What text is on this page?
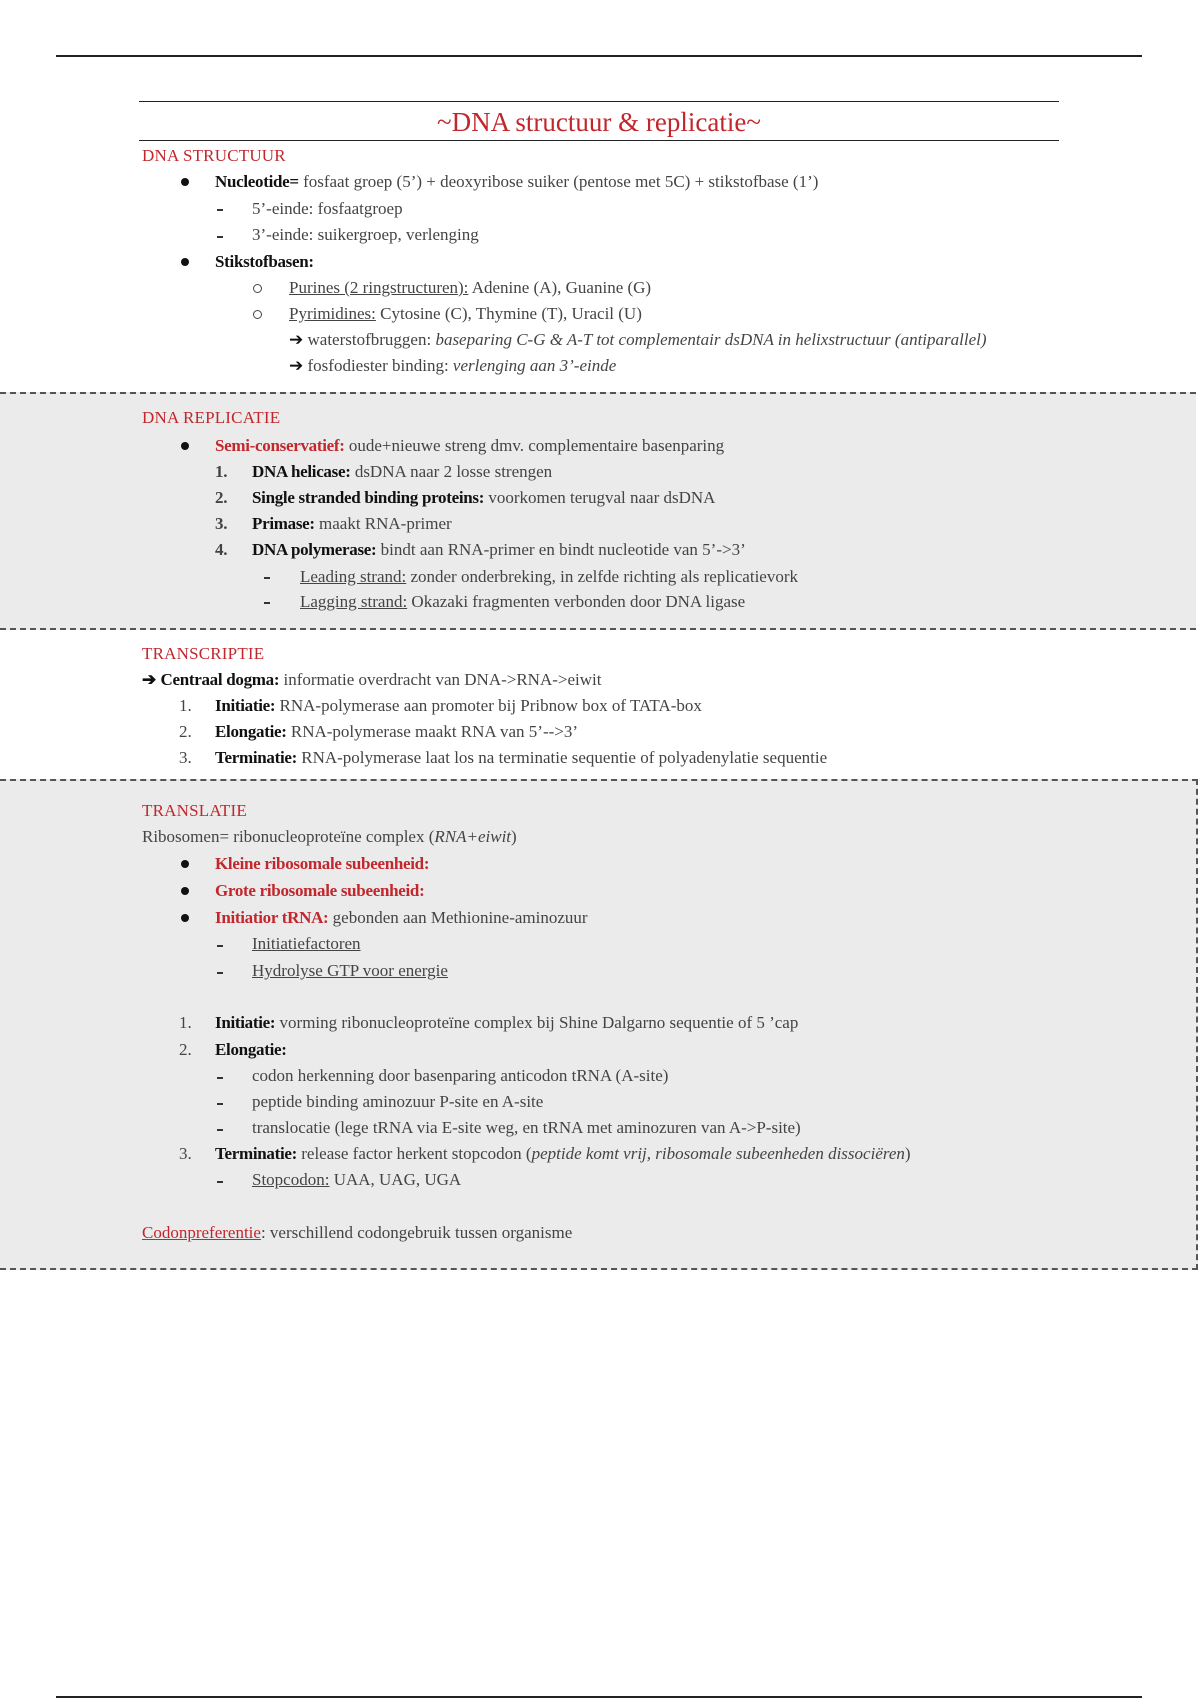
~DNA structuur & replicatie~
DNA STRUCTUUR
Nucleotide= fosfaat groep (5’) + deoxyribose suiker (pentose met 5C) + stikstofbase (1’)
5’-einde: fosfaatgroep
3’-einde: suikergroep, verlenging
Stikstofbasen:
Purines (2 ringstructuren): Adenine (A), Guanine (G)
Pyrimidines: Cytosine (C), Thymine (T), Uracil (U)
➔ waterstofbruggen: baseparing C-G & A-T tot complementair dsDNA in helixstructuur (antiparallel)
➔ fosfodiester binding: verlenging aan 3’-einde
DNA REPLICATIE
Semi-conservatief: oude+nieuwe streng dmv. complementaire basenparing
1. DNA helicase: dsDNA naar 2 losse strengen
2. Single stranded binding proteins: voorkomen terugval naar dsDNA
3. Primase: maakt RNA-primer
4. DNA polymerase: bindt aan RNA-primer en bindt nucleotide van 5’->3’
Leading strand: zonder onderbreking, in zelfde richting als replicatievork
Lagging strand: Okazaki fragmenten verbonden door DNA ligase
TRANSCRIPTIE
➔ Centraal dogma: informatie overdracht van DNA->RNA->eiwit
1. Initiatie: RNA-polymerase aan promoter bij Pribnow box of TATA-box
2. Elongatie: RNA-polymerase maakt RNA van 5’-->3’
3. Terminatie: RNA-polymerase laat los na terminatie sequentie of polyadenylatie sequentie
TRANSLATIE
Ribosomen= ribonucleoproteïne complex (RNA+eiwit)
Kleine ribosomale subeenheid:
Grote ribosomale subeenheid:
Initiatior tRNA: gebonden aan Methionine-aminozuur
Initiatiefactoren
Hydrolyse GTP voor energie
1. Initiatie: vorming ribonucleoproteïne complex bij Shine Dalgarno sequentie of 5 ’cap
2. Elongatie:
codon herkenning door basenparing anticodon tRNA (A-site)
peptide binding aminozuur P-site en A-site
translocatie (lege tRNA via E-site weg, en tRNA met aminozuren van A->P-site)
3. Terminatie: release factor herkent stopcodon (peptide komt vrij, ribosomale subeenheden dissociëren)
Stopcodon: UAA, UAG, UGA
Codonpreferentie: verschillend codongebruik tussen organisme
